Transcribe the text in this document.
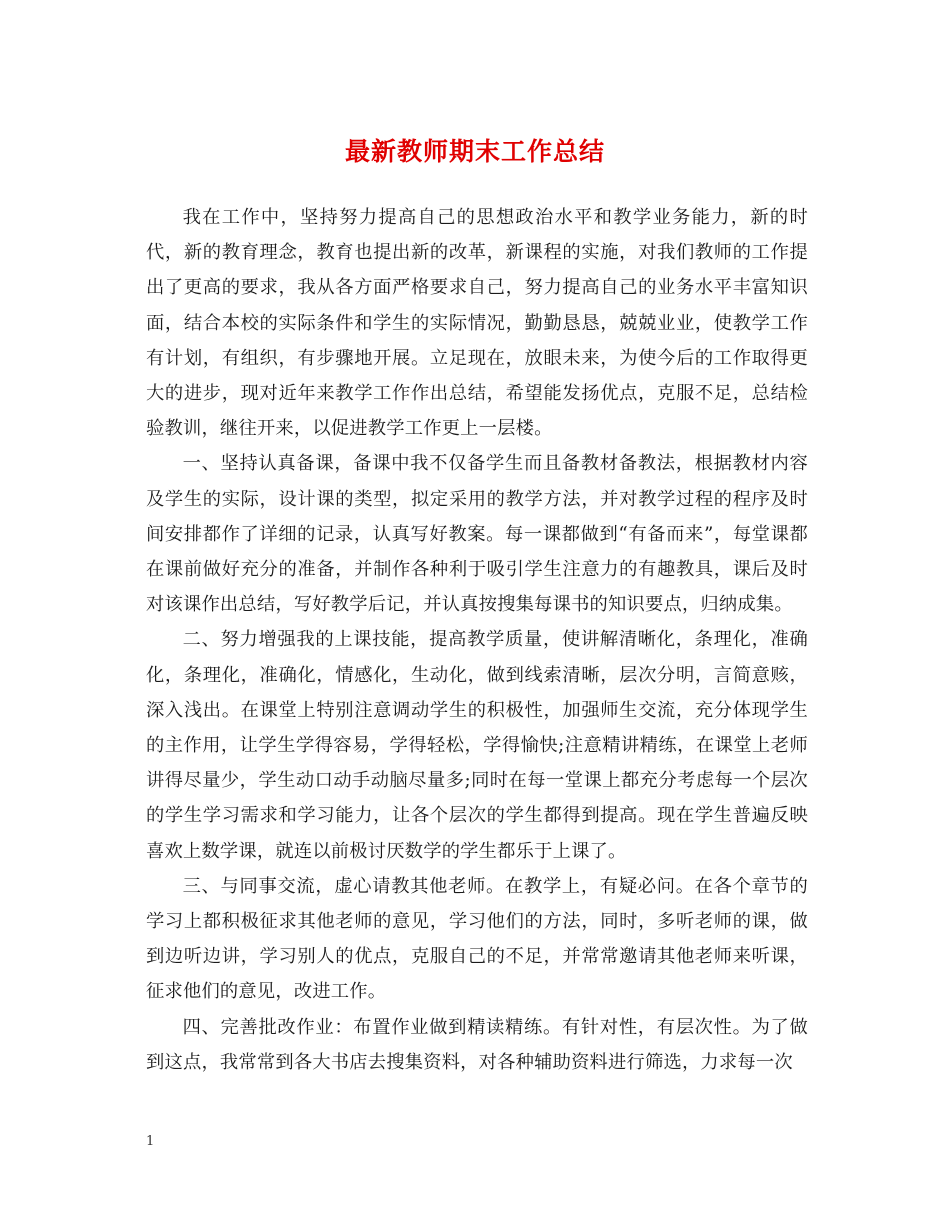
最新教师期末工作总结

我在工作中，坚持努力提高自己的思想政治水平和教学业务能力，新的时代，新的教育理念，教育也提出新的改革，新课程的实施，对我们教师的工作提出了更高的要求，我从各方面严格要求自己，努力提高自己的业务水平丰富知识面，结合本校的实际条件和学生的实际情况，勤勤恳恳，兢兢业业，使教学工作有计划，有组织，有步骤地开展。立足现在，放眼未来，为使今后的工作取得更大的进步，现对近年来教学工作作出总结，希望能发扬优点，克服不足，总结检验教训，继往开来，以促进教学工作更上一层楼。

一、坚持认真备课，备课中我不仅备学生而且备教材备教法，根据教材内容及学生的实际，设计课的类型，拟定采用的教学方法，并对教学过程的程序及时间安排都作了详细的记录，认真写好教案。每一课都做到“有备而来”，每堂课都在课前做好充分的准备，并制作各种利于吸引学生注意力的有趣教具，课后及时对该课作出总结，写好教学后记，并认真按搜集每课书的知识要点，归纳成集。

二、努力增强我的上课技能，提高教学质量，使讲解清晰化，条理化，准确化，条理化，准确化，情感化，生动化，做到线索清晰，层次分明，言简意赅，深入浅出。在课堂上特别注意调动学生的积极性，加强师生交流，充分体现学生的主作用，让学生学得容易，学得轻松，学得愉快;注意精讲精练，在课堂上老师讲得尽量少，学生动口动手动脑尽量多;同时在每一堂课上都充分考虑每一个层次的学生学习需求和学习能力，让各个层次的学生都得到提高。现在学生普遍反映喜欢上数学课，就连以前极讨厌数学的学生都乐于上课了。

三、与同事交流，虚心请教其他老师。在教学上，有疑必问。在各个章节的学习上都积极征求其他老师的意见，学习他们的方法，同时，多听老师的课，做到边听边讲，学习别人的优点，克服自己的不足，并常常邀请其他老师来听课，征求他们的意见，改进工作。

四、完善批改作业：布置作业做到精读精练。有针对性，有层次性。为了做到这点，我常常到各大书店去搜集资料，对各种辅助资料进行筛选，力求每一次

1
